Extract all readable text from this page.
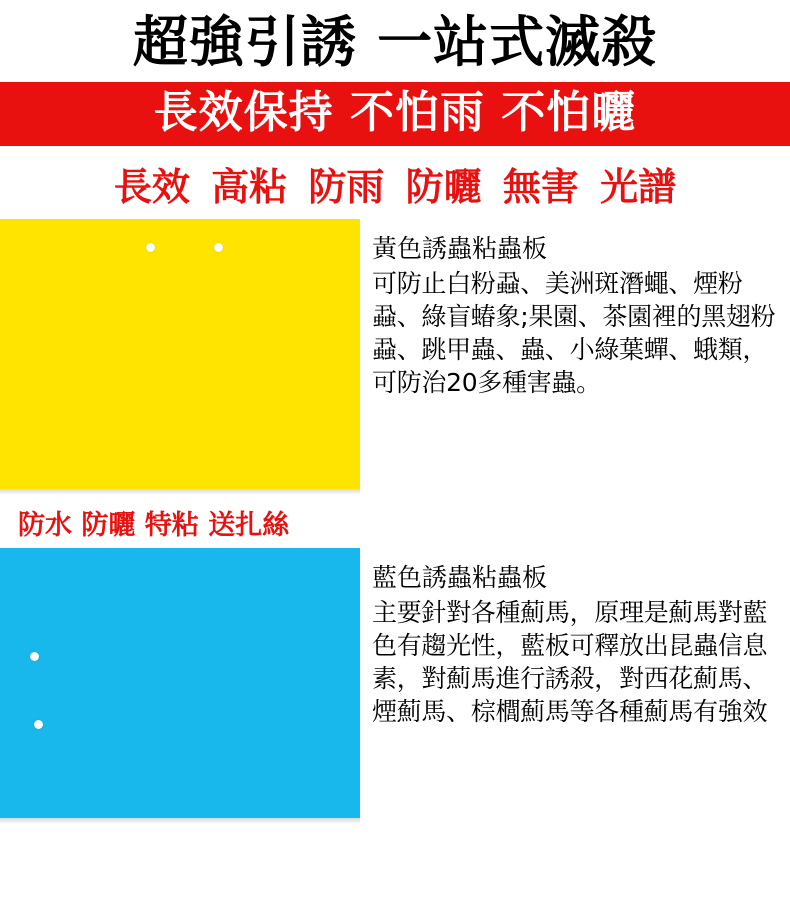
超強引誘 一站式滅殺
長效保持 不怕雨 不怕曬
長效 高粘 防雨 防曬 無害 光譜
黃色誘蟲粘蟲板
可防止白粉蝨、美洲斑潛蠅、煙粉蝨、綠盲蝽象;果園、茶園裡的黑翅粉蝨、跳甲蟲、蟲、小綠葉蟬、蛾類，可防治20多種害蟲。
防水 防曬 特粘 送扎絲
藍色誘蟲粘蟲板
主要針對各種薊馬，原理是薊馬對藍色有趨光性，藍板可釋放出昆蟲信息素，對薊馬進行誘殺，對西花薊馬、煙薊馬、棕櫚薊馬等各種薊馬有強效
